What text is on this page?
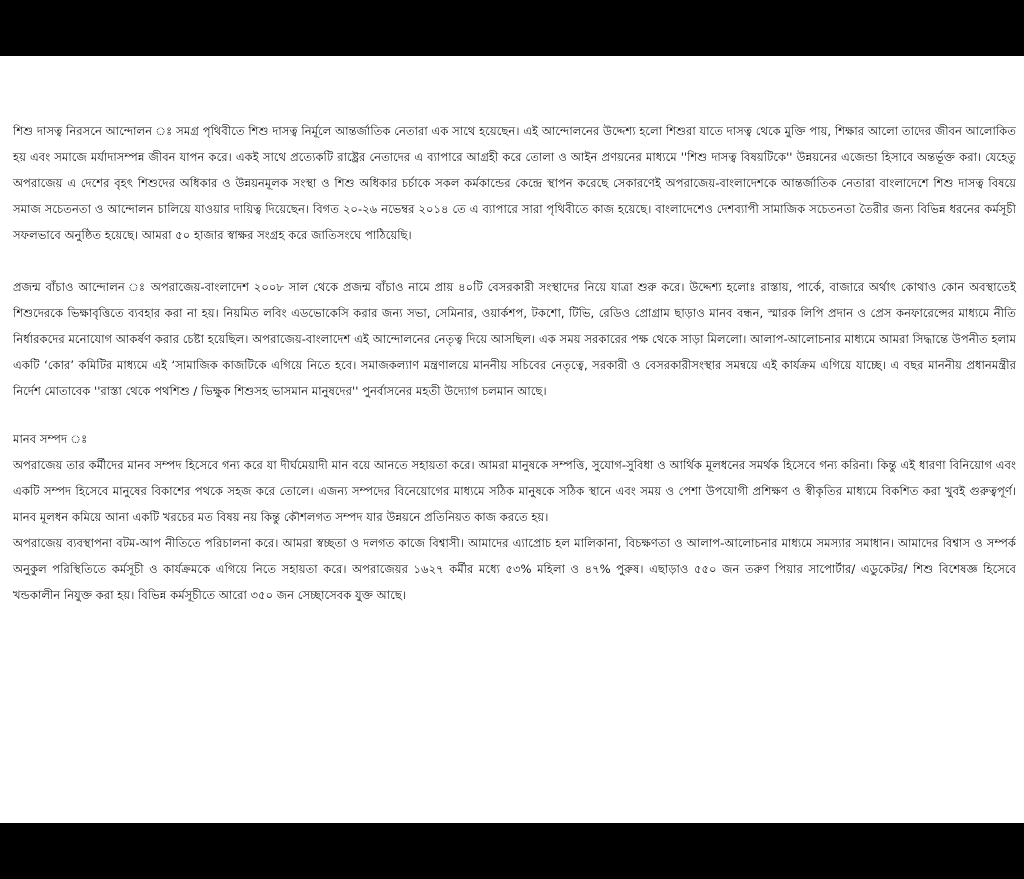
শিশু দাসত্ব নিরসনে আন্দোলন ঃ সমগ্র পৃথিবীতে শিশু দাসত্ব নির্মূলে আন্তর্জাতিক নেতারা এক সাথে হয়েছেন। এই আন্দোলনের উদ্দেশ্য হলো শিশুরা যাতে দাসত্ব থেকে মুক্তি পায়, শিক্ষার আলো তাদের জীবন আলোকিত হয় এবং সমাজে মর্যাদাসম্পন্ন জীবন যাপন করে। একই সাথে প্রত্যেকটি রাষ্ট্রের নেতাদের এ ব্যাপারে আগ্রহী করে তোলা ও আইন প্রণয়নের মাধ্যমে ''শিশু দাসত্ব বিষয়টিকে'' উন্নয়নের এজেন্ডা হিসাবে অন্তর্ভূক্ত করা। যেহেতু অপরাজেয় এ দেশের বৃহৎ শিশুদের অধিকার ও উন্নয়নমূলক সংস্থা ও শিশু অধিকার চর্চাকে সকল কর্মকান্ডের কেন্দ্রে স্থাপন করেছে সেকারণেই অপরাজেয়-বাংলাদেশকে আন্তর্জাতিক নেতারা বাংলাদেশে শিশু দাসত্ব বিষয়ে সমাজ সচেতনতা ও আন্দোলন চালিয়ে যাওয়ার দায়িত্ব দিয়েছেন। বিগত ২০-২৬ নভেম্বর ২০১৪ তে এ ব্যাপারে সারা পৃথিবীতে কাজ হয়েছে। বাংলাদেশেও দেশব্যাপী সামাজিক সচেতনতা তৈরীর জন্য বিভিন্ন ধরনের কর্মসূচী সফলভাবে অনুষ্ঠিত হয়েছে। আমরা ৫০ হাজার স্বাক্ষর সংগ্রহ করে জাতিসংঘে পাঠিয়েছি।

প্রজন্ম বাঁচাও আন্দোলন ঃ অপরাজেয়-বাংলাদেশ ২০০৮ সাল থেকে প্রজন্ম বাঁচাও নামে প্রায় ৪০টি বেসরকারী সংস্থাদের নিয়ে যাত্রা শুরু করে। উদ্দেশ্য হলোঃ রাস্তায়, পার্কে, বাজারে অর্থাৎ কোথাও কোন অবস্থাতেই শিশুদেরকে ভিক্ষাবৃত্তিতে ব্যবহার করা না হয়। নিয়মিত লবিং এডভোকেসি করার জন্য সভা, সেমিনার, ওয়ার্কশপ, টকশো, টিভি, রেডিও প্রোগ্রাম ছাড়াও মানব বন্ধন, স্মারক লিপি প্রদান ও প্রেস কনফারেন্সের মাধ্যমে নীতি নির্ধারকদের মনোযোগ আকর্ষণ করার চেষ্টা হয়েছিল। অপরাজেয়-বাংলাদেশ এই আন্দোলনের নেতৃত্ব দিয়ে আসছিল। এক সময় সরকারের পক্ষ থেকে সাড়া মিললো। আলাপ-আলোচনার মাধ্যমে আমরা সিদ্ধান্তে উপনীত হলাম একটি ‘কোর’ কমিটির মাধ্যমে এই ‘সামাজিক কাজটিকে এগিয়ে নিতে হবে। সমাজকল্যাণ মন্ত্রণালয়ে মাননীয় সচিবের নেতৃত্বে, সরকারী ও বেসরকারীসংস্থার সমন্বয়ে এই কার্যক্রম এগিয়ে যাচ্ছে। এ বছর মাননীয় প্রধানমন্ত্রীর নির্দেশ মোতাবেক ''রাস্তা থেকে পথশিশু / ভিক্ষুক শিশুসহ ভাসমান মানুষদের'' পুনর্বাসনের মহতী উদ্যোগ চলমান আছে।

মানব সম্পদ ঃ

অপরাজেয় তার কর্মীদের মানব সম্পদ হিসেবে গন্য করে যা দীর্ঘমেয়াদী মান বয়ে আনতে সহায়তা করে। আমরা মানুষকে সম্পত্তি, সুযোগ-সুবিধা ও আর্থিক মূলধনের সমর্থক হিসেবে গন্য করিনা। কিন্তু এই ধারণা বিনিয়োগ এবং একটি সম্পদ হিসেবে মানুষের বিকাশের পথকে সহজ করে তোলে। এজন্য সম্পদের বিনেয়োগের মাধ্যমে সঠিক মানুষকে সঠিক স্থানে এবং সময় ও পেশা উপযোগী প্রশিক্ষণ ও স্বীকৃতির মাধ্যমে বিকশিত করা খুবই গুরুত্বপূর্ণ। মানব মূলধন কমিয়ে আনা একটি খরচের মত বিষয় নয় কিন্তু কৌশলগত সম্পদ যার উন্নয়নে প্রতিনিয়ত কাজ করতে হয়।

অপরাজেয় ব্যবস্থাপনা বটম-আপ নীতিতে পরিচালনা করে। আমরা স্বচ্ছতা ও দলগত কাজে বিশ্বাসী। আমাদের এ্যাপ্রোচ হল মালিকানা, বিচক্ষণতা ও আলাপ-আলোচনার মাধ্যমে সমস্যার সমাধান। আমাদের বিশ্বাস ও সম্পর্ক অনুকুল পরিস্থিতিতে কর্মসূচী ও কার্যক্রমকে এগিয়ে নিতে সহায়তা করে। অপরাজেয়র ১৬২৭ কর্মীর মধ্যে ৫৩% মহিলা ও ৪৭% পুরুষ। এছাড়াও ৫৫০ জন তরুণ পিয়ার সাপোর্টার/ এডুকেটর/ শিশু বিশেষজ্ঞ হিসেবে খন্ডকালীন নিযুক্ত করা হয়। বিভিন্ন কর্মসূচীতে আরো ৩৫০ জন সেচ্ছাসেবক যুক্ত আছে।
